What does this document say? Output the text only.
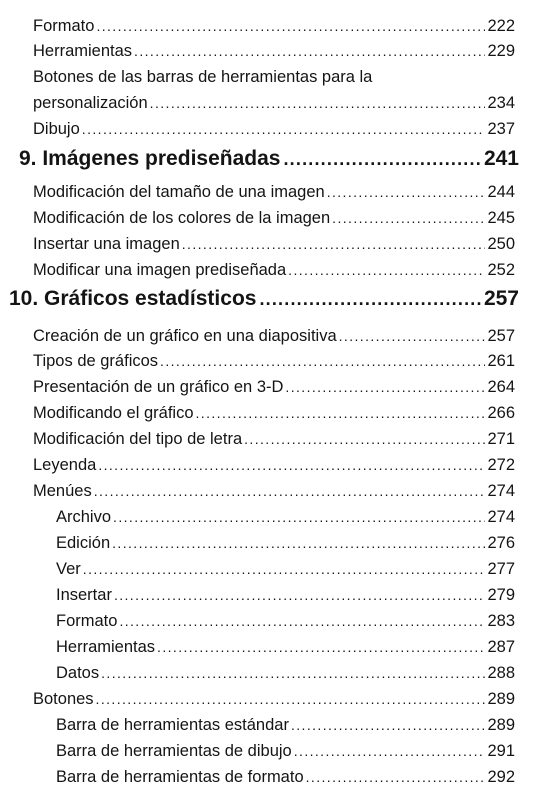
Formato .....	222
Herramientas .....	229
Botones de las barras de herramientas para la
personalización .....	234
Dibujo .....	237
9. Imágenes prediseñadas .....	241
Modificación del tamaño de una imagen .....	244
Modificación de los colores de la imagen .....	245
Insertar una imagen .....	250
Modificar una imagen prediseñada .....	252
10. Gráficos estadísticos .....	257
Creación de un gráfico en una diapositiva .....	257
Tipos de gráficos .....	261
Presentación de un gráfico en 3-D .....	264
Modificando el gráfico .....	266
Modificación del tipo de letra .....	271
Leyenda .....	272
Menúes .....	274
Archivo .....	274
Edición .....	276
Ver .....	277
Insertar .....	279
Formato .....	283
Herramientas .....	287
Datos .....	288
Botones .....	289
Barra de herramientas estándar .....	289
Barra de herramientas de dibujo .....	291
Barra de herramientas de formato .....	292
